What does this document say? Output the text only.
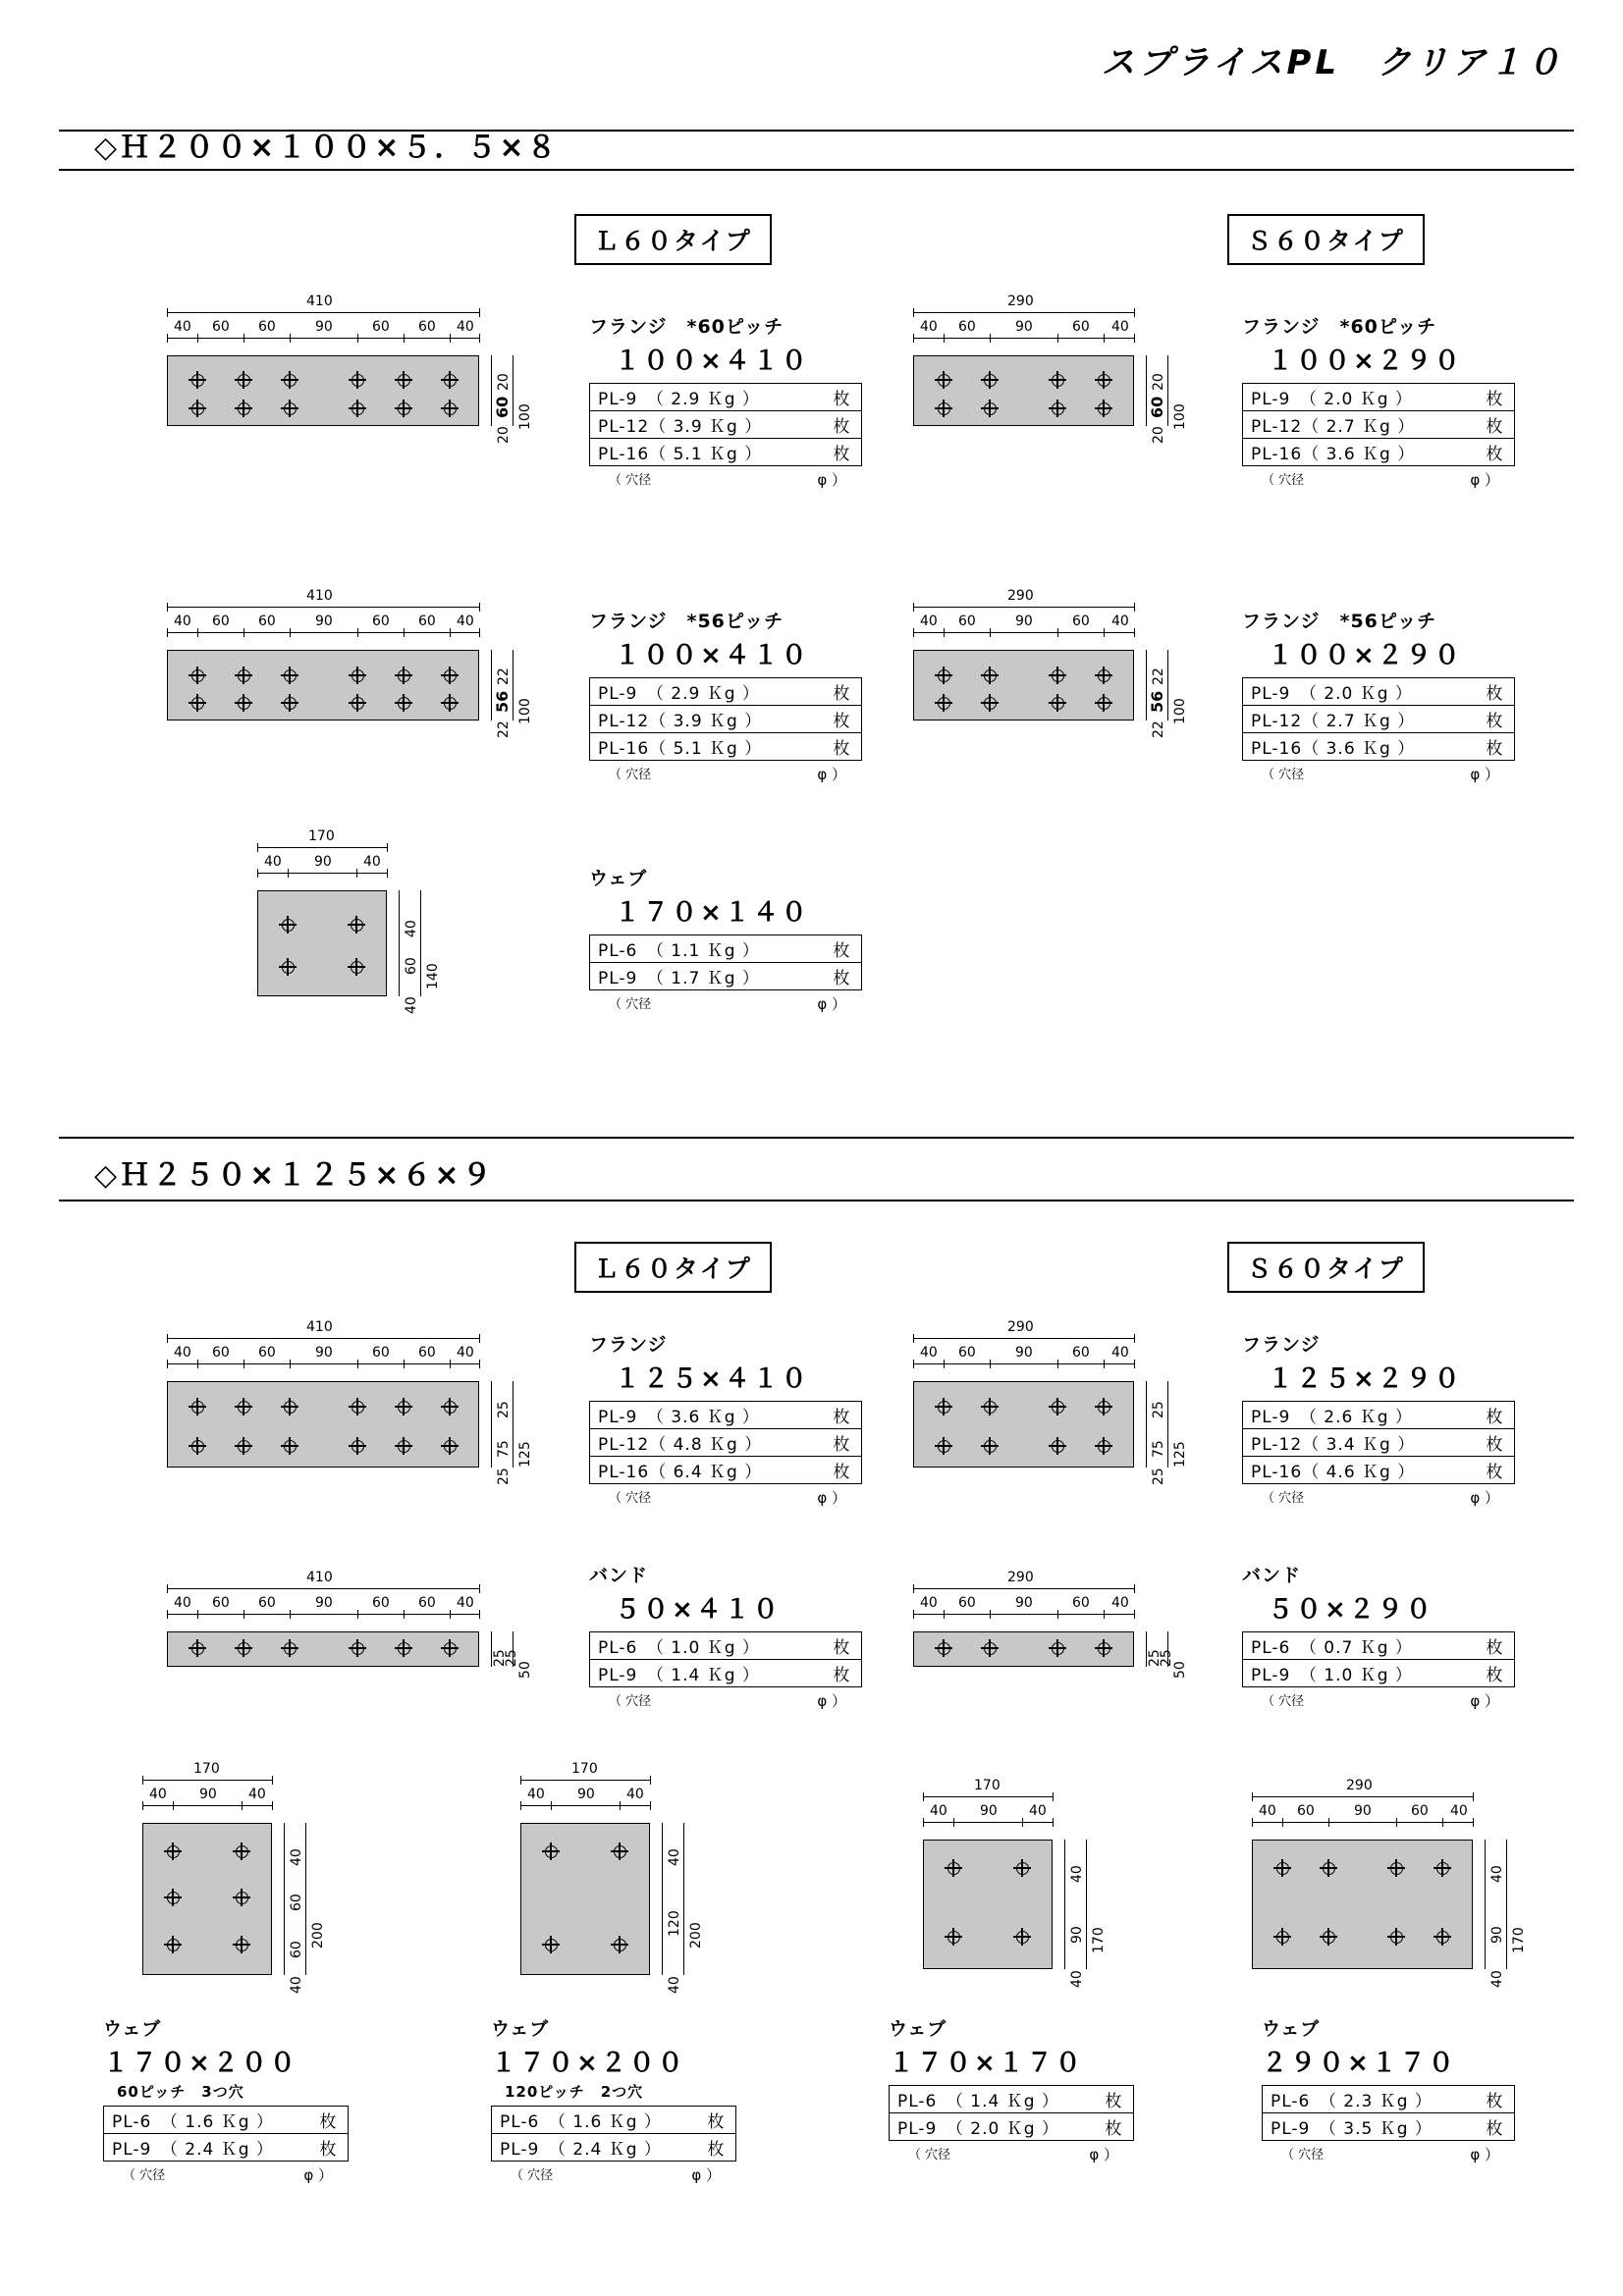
スプライスPL　クリア１０
◇Ｈ２００×１００×５．５×８
Ｌ６０タイプ	Ｓ６０タイプ
410
40 60 60	90	60 60 40
20
60
20
100
フランジ　*60ピッチ
１００×４１０
PL-9　（ 2.9 Ｋg ）	枚
PL-12（ 3.9 Ｋg ）	枚
PL-16（ 5.1 Ｋg ）	枚
（ 穴径	φ ）
290
40 60	90	60 40
20
60
20
100
フランジ　*60ピッチ
１００×２９０
PL-9　（ 2.0 Ｋg ）	枚
PL-12（ 2.7 Ｋg ）	枚
PL-16（ 3.6 Ｋg ）	枚
（ 穴径	φ ）
410
40 60 60	90	60 60 40
22
56
22
100
フランジ　*56ピッチ
１００×４１０
PL-9　（ 2.9 Ｋg ）	枚
PL-12（ 3.9 Ｋg ）	枚
PL-16（ 5.1 Ｋg ）	枚
（ 穴径	φ ）
290
40 60	90	60 40
22
56
22
100
フランジ　*56ピッチ
１００×２９０
PL-9　（ 2.0 Ｋg ）	枚
PL-12（ 2.7 Ｋg ）	枚
PL-16（ 3.6 Ｋg ）	枚
（ 穴径	φ ）
170
40 90 40
40
60
40
140
ウェブ
１７０×１４０
PL-6　（ 1.1 Ｋg ）	枚
PL-9　（ 1.7 Ｋg ）	枚
（ 穴径	φ ）
◇Ｈ２５０×１２５×６×９
Ｌ６０タイプ	Ｓ６０タイプ
410
40 60 60	90	60 60 40
25
75
25
125
フランジ
１２５×４１０
PL-9　（ 3.6 Ｋg ）	枚
PL-12（ 4.8 Ｋg ）	枚
PL-16（ 6.4 Ｋg ）	枚
（ 穴径	φ ）
290
40 60	90	60 40
25
75
25
125
フランジ
１２５×２９０
PL-9　（ 2.6 Ｋg ）	枚
PL-12（ 3.4 Ｋg ）	枚
PL-16（ 4.6 Ｋg ）	枚
（ 穴径	φ ）
410
40 60 60	90	60 60 40
25
25
50
バンド
５０×４１０
PL-6　（ 1.0 Ｋg ）	枚
PL-9　（ 1.4 Ｋg ）	枚
（ 穴径	φ ）
290
40 60	90	60 40
25
25
50
バンド
５０×２９０
PL-6　（ 0.7 Ｋg ）	枚
PL-9　（ 1.0 Ｋg ）	枚
（ 穴径	φ ）
170
40 90 40
40
60
60
40
200
ウェブ
１７０×２００
60ピッチ　3つ穴
PL-6　（ 1.6 Ｋg ）	枚
PL-9　（ 2.4 Ｋg ）	枚
（ 穴径	φ ）
170
40 90 40
40
120
40
200
ウェブ
１７０×２００
120ピッチ　2つ穴
PL-6　（ 1.6 Ｋg ）	枚
PL-9　（ 2.4 Ｋg ）	枚
（ 穴径	φ ）
170
40 90 40
40
90
40
170
ウェブ
１７０×１７０
PL-6　（ 1.4 Ｋg ）	枚
PL-9　（ 2.0 Ｋg ）	枚
（ 穴径	φ ）
290
40 60	90	60 40
40
90
40
170
ウェブ
２９０×１７０
PL-6　（ 2.3 Ｋg ）	枚
PL-9　（ 3.5 Ｋg ）	枚
（ 穴径	φ ）
